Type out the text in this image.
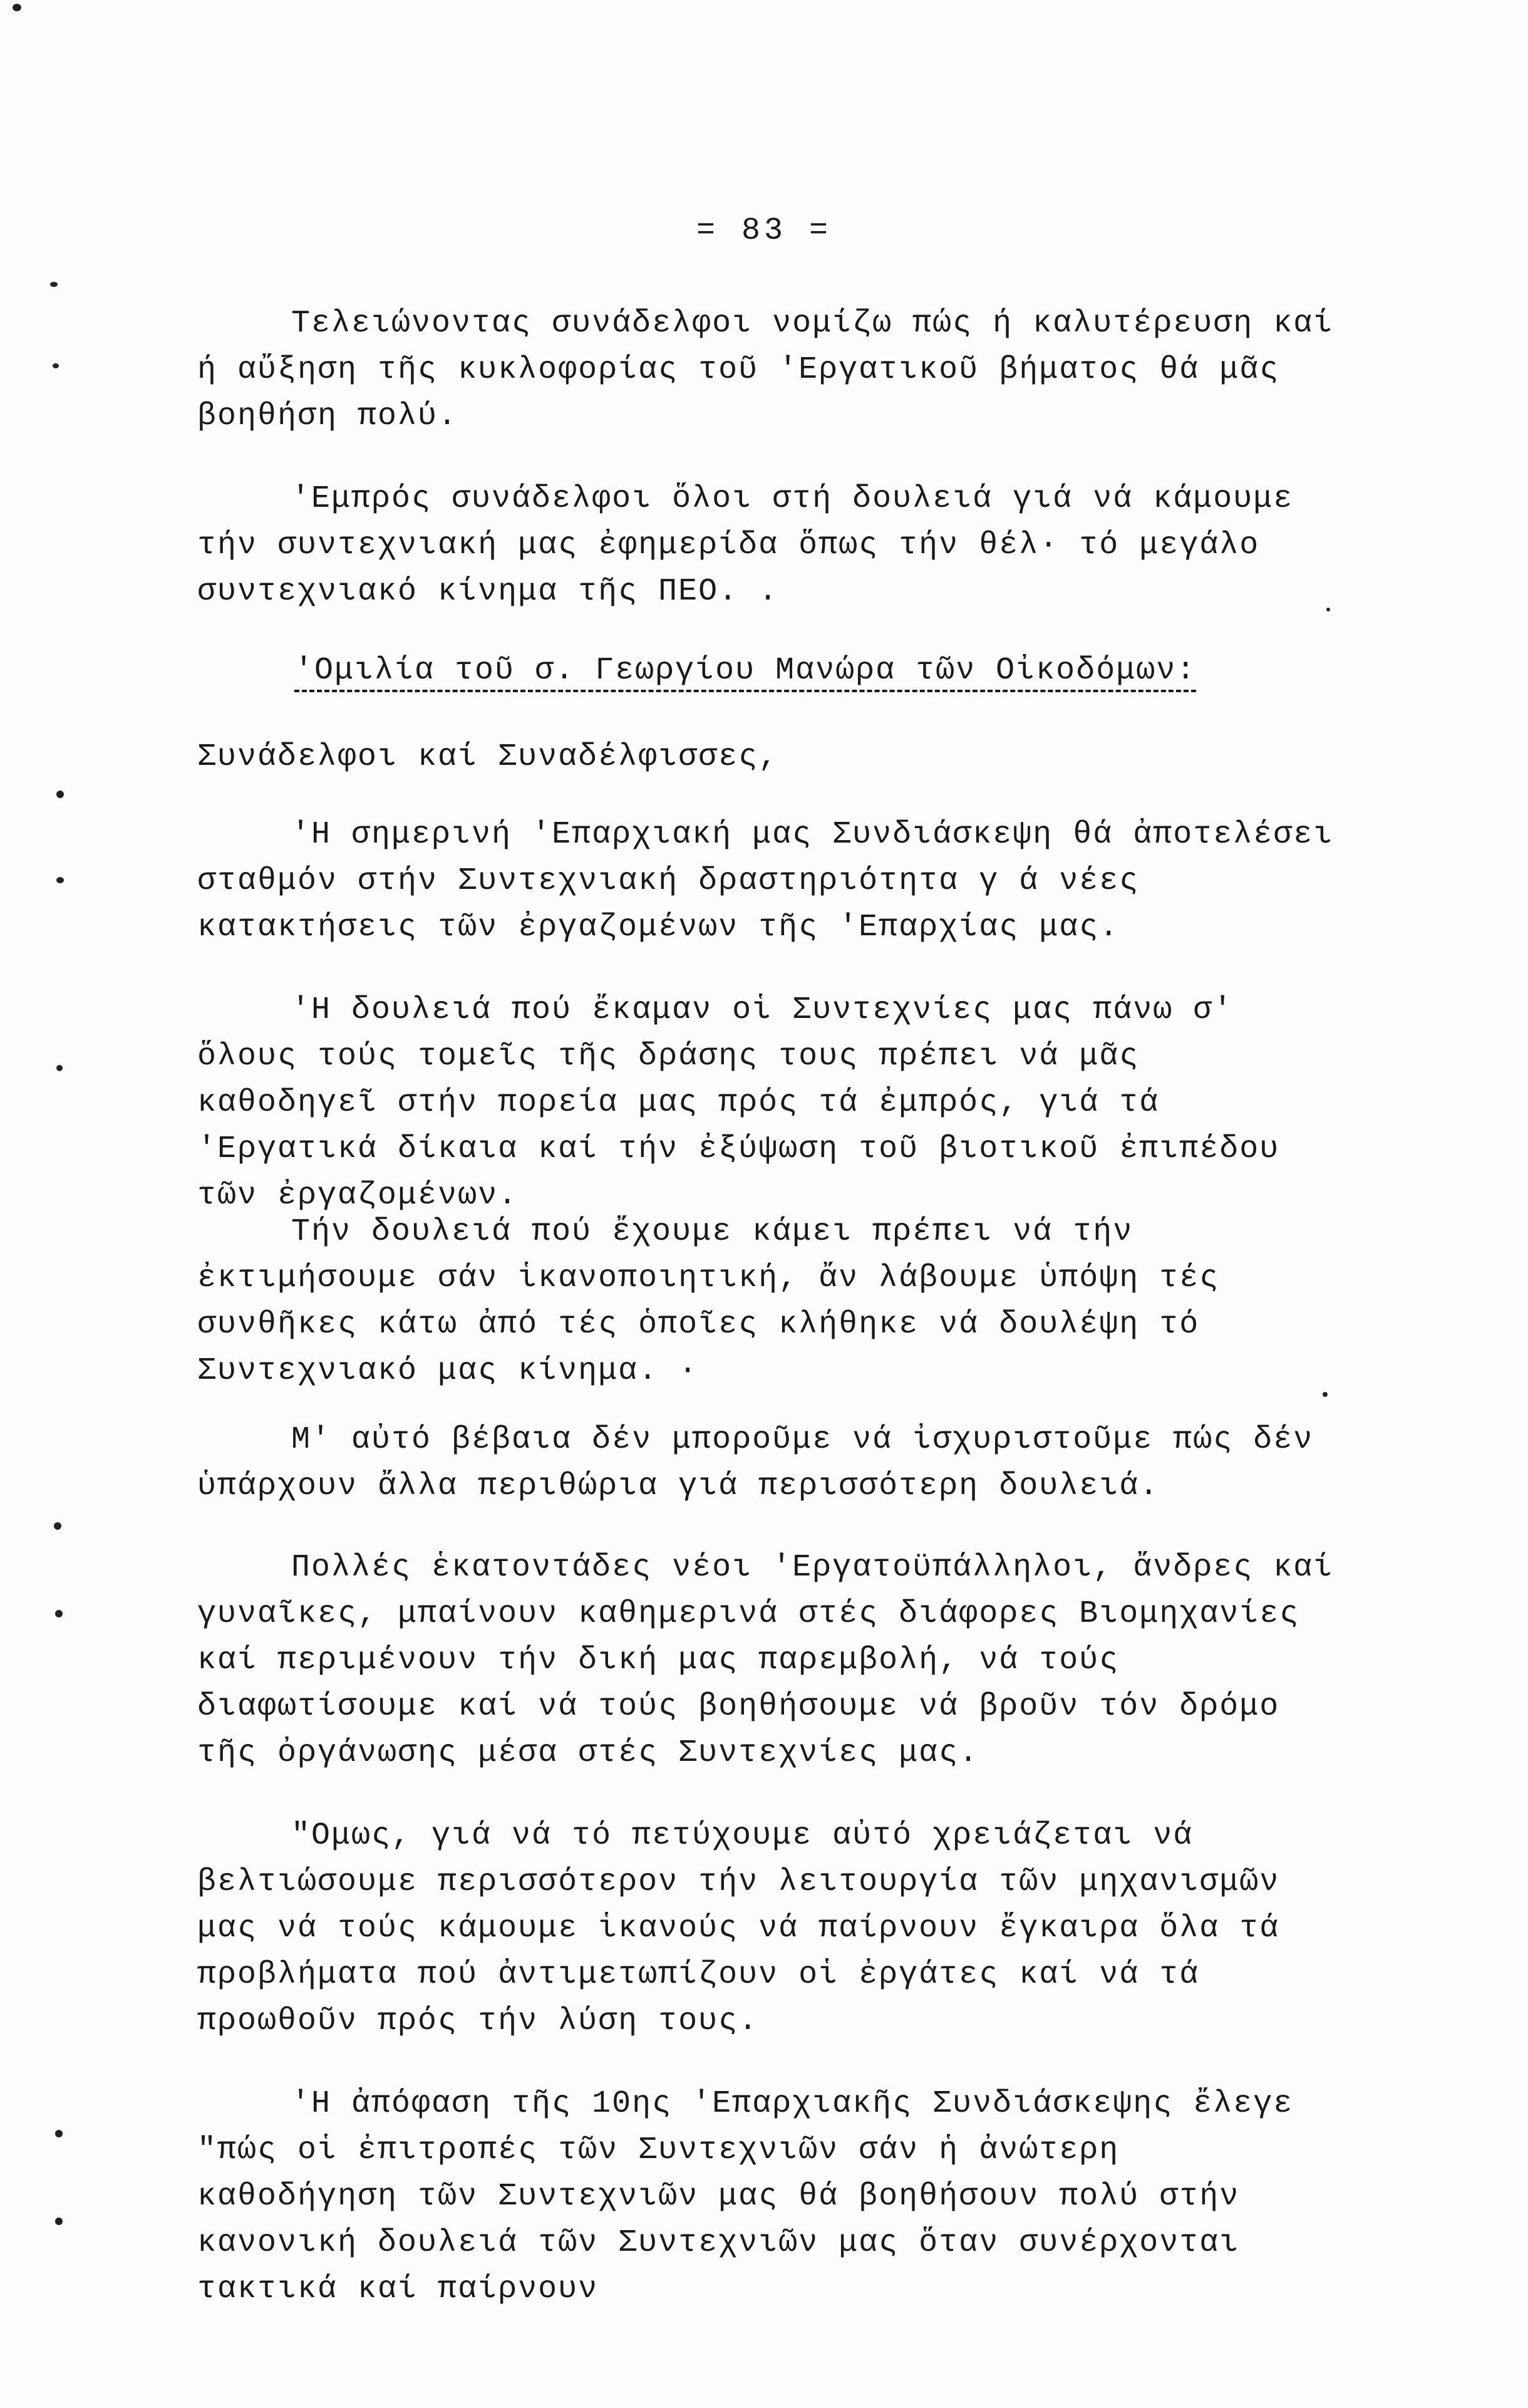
= 83 =
Τελειώνοντας συνάδελφοι νομίζω πώς ή καλυτέρευση καί ή αὔξηση τῆς κυκλοφορίας τοῦ 'Εργατικοῦ βήματος θά μᾶς βοηθήση πολύ.
'Εμπρός συνάδελφοι ὅλοι στή δουλειά γιά νά κάμουμε τήν συντεχνιακή μας ἐφημερίδα ὅπως τήν θέλ· τό μεγάλο συντεχνιακό κίνημα τῆς ΠΕΟ. .
'Ομιλία τοῦ σ. Γεωργίου Μανώρα τῶν Οἰκοδόμων:
Συνάδελφοι καί Συναδέλφισσες,
'Η σημερινή 'Επαρχιακή μας Συνδιάσκεψη θά ἀποτελέσει σταθμόν στήν Συντεχνιακή δραστηριότητα γ ά νέες κατακτήσεις τῶν ἐργαζομένων τῆς 'Επαρχίας μας.
'Η δουλειά πού ἔκαμαν οἱ Συντεχνίες μας πάνω σ' ὅλους τούς τομεῖς τῆς δράσης τους πρέπει νά μᾶς καθοδηγεῖ στήν πορεία μας πρός τά ἐμπρός, γιά τά 'Εργατικά δίκαια καί τήν ἐξύψωση τοῦ βιοτικοῦ ἐπιπέδου τῶν ἐργαζομένων.
Τήν δουλειά πού ἔχουμε κάμει πρέπει νά τήν ἐκτιμήσουμε σάν ἱκανοποιητική, ἄν λάβουμε ὑπόψη τές συνθῆκες κάτω ἀπό τές ὁποῖες κλήθηκε νά δουλέψη τό Συντεχνιακό μας κίνημα. ·
Μ' αὐτό βέβαια δέν μποροῦμε νά ἰσχυριστοῦμε πώς δέν ὑπάρχουν ἄλλα περιθώρια γιά περισσότερη δουλειά.
Πολλές ἑκατοντάδες νέοι 'Εργατοϋπάλληλοι, ἄνδρες καί γυναῖκες, μπαίνουν καθημερινά στές διάφορες Βιομηχανίες καί περιμένουν τήν δική μας παρεμβολή, νά τούς διαφωτίσουμε καί νά τούς βοηθήσουμε νά βροῦν τόν δρόμο τῆς ὀργάνωσης μέσα στές Συντεχνίες μας.
"Ομως, γιά νά τό πετύχουμε αὐτό χρειάζεται νά βελτιώσουμε περισσότερον τήν λειτουργία τῶν μηχανισμῶν μας νά τούς κάμουμε ἱκανούς νά παίρνουν ἔγκαιρα ὅλα τά προβλήματα πού ἀντιμετωπίζουν οἱ ἐργάτες καί νά τά προωθοῦν πρός τήν λύση τους.
'Η ἀπόφαση τῆς 10ης 'Επαρχιακῆς Συνδιάσκεψης ἔλεγε "πώς οἱ ἐπιτροπές τῶν Συντεχνιῶν σάν ἡ ἀνώτερη καθοδήγηση τῶν Συντεχνιῶν μας θά βοηθήσουν πολύ στήν κανονική δουλειά τῶν Συντεχνιῶν μας ὅταν συνέρχονται τακτικά καί παίρνουν
